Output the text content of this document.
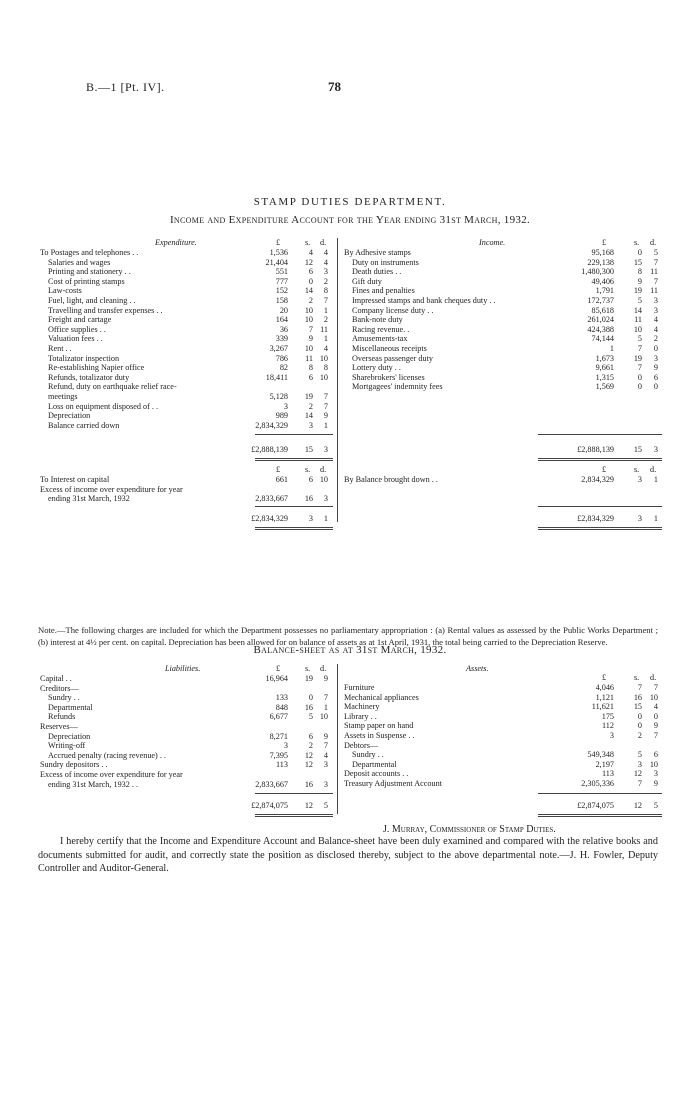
B.—1 [Pt. IV].	78
STAMP DUTIES DEPARTMENT.
Income and Expenditure Account for the Year ending 31st March, 1932.
Expenditure.	Income.
£	s. d.	£	s. d.
To Postages and telephones . .	1,536	4 4
Salaries and wages	21,404 12 4
Printing and stationery . .	551	6 3
Cost of printing stamps	777	0 2
Law-costs	152 14 8
Fuel, light, and cleaning . .	158	2 7
Travelling and transfer expenses . .	20 10 1
Freight and cartage	164 10 2
Office supplies . .	36	7 11
Valuation fees . .	339	9 1
Rent . .	3,267 10 4
Totalizator inspection	786 11 10
Re-establishing Napier office	82	8 8
Refunds, totalizator duty	18,411	6 10
Refund, duty on earthquake relief race-
meetings	5,128 19 7
Loss on equipment disposed of . .	3	2 7
Depreciation	989 14 9
Balance carried down	2,834,329	3 1
By Adhesive stamps	95,168	0 5
Duty on instruments	229,138 15 7
Death duties . .	1,480,300	8 11
Gift duty	49,406	9 7
Fines and penalties	1,791 19 11
Impressed stamps and bank cheques duty . .	172,737	5 3
Company license duty . .	85,618 14 3
Bank-note duty	261,024 11 4
Racing revenue. .	424,388 10 4
Amusements-tax	74,144	5 2
Miscellaneous receipts	1	7 0
Overseas passenger duty	1,673 19 3
Lottery duty . .	9,661	7 9
Sharebrokers' licenses	1,315	0 6
Mortgagees' indemnity fees	1,569	0 0
£2,888,139 15 3	£2,888,139 15 3
£	s. d.	£	s. d.
To Interest on capital	661	6 10
Excess of income over expenditure for year
ending 31st March, 1932	2,833,667 16 3
By Balance brought down . .	2,834,329	3 1
£2,834,329	3 1	£2,834,329	3 1
Note.—The following charges are included for which the Department possesses no parliamentary appropriation : (a) Rental values as assessed by the Public Works Department ; (b) interest at 4½ per cent. on capital. Depreciation has been allowed for on balance of assets as at 1st April, 1931, the total being carried to the Depreciation Reserve.
Balance-sheet as at 31st March, 1932.
Liabilities.	Assets.
£	s. d.
£	s. d.
Capital . .	16,964 19 9
Creditors—
Sundry . .	133	0 7
Departmental	848 16 1
Refunds	6,677	5 10
Reserves—
Depreciation	8,271	6 9
Writing-off	3	2 7
Accrued penalty (racing revenue) . .	7,395 12 4
Sundry depositors . .	113 12 3
Excess of income over expenditure for year
ending 31st March, 1932 . .	2,833,667 16 3
Furniture	4,046	7 7
Mechanical appliances	1,121 16 10
Machinery	11,621 15 4
Library . .	175	0 0
Stamp paper on hand	112	0 9
Assets in Suspense . .	3	2 7
Debtors—
Sundry . .	549,348	5 6
Departmental	2,197	3 10
Deposit accounts . .	113 12 3
Treasury Adjustment Account	2,305,336	7 9
£2,874,075 12 5	£2,874,075 12 5
J. Murray, Commissioner of Stamp Duties.
I hereby certify that the Income and Expenditure Account and Balance-sheet have been duly examined and compared with the relative books and documents submitted for audit, and correctly state the position as disclosed thereby, subject to the above departmental note.—J. H. Fowler, Deputy Controller and Auditor-General.
